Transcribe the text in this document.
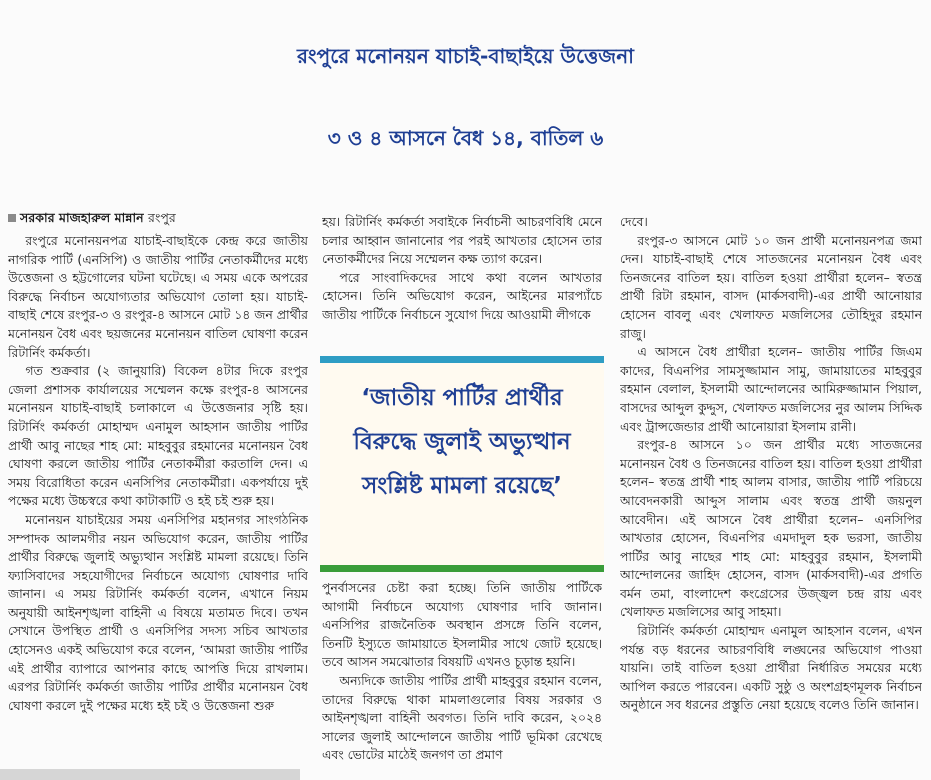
রংপুরে মনোনয়ন যাচাই-বাছাইয়ে উত্তেজনা
৩ ও ৪ আসনে বৈধ ১৪, বাতিল ৬
সরকার মাজহারুল মান্নান রংপুর

রংপুরে মনোনয়নপত্র যাচাই-বাছাইকে কেন্দ্র করে জাতীয় নাগরিক পার্টি (এনসিপি) ও জাতীয় পার্টির নেতাকর্মীদের মধ্যে উত্তেজনা ও হট্টগোলের ঘটনা ঘটেছে। এ সময় একে অপরের বিরুদ্ধে নির্বাচন অযোগ্যতার অভিযোগ তোলা হয়। যাচাই-বাছাই শেষে রংপুর-৩ ও রংপুর-৪ আসনে মোট ১৪ জন প্রার্থীর মনোনয়ন বৈধ এবং ছয়জনের মনোনয়ন বাতিল ঘোষণা করেন রিটার্নিং কর্মকর্তা।

গত শুক্রবার (২ জানুয়ারি) বিকেল ৪টার দিকে রংপুর জেলা প্রশাসক কার্যালয়ের সম্মেলন কক্ষে রংপুর-৪ আসনের মনোনয়ন যাচাই-বাছাই চলাকালে এ উত্তেজনার সৃষ্টি হয়। রিটার্নিং কর্মকর্তা মোহাম্মদ এনামুল আহসান জাতীয় পার্টির প্রার্থী আবু নাছের শাহ মো: মাহবুবুর রহমানের মনোনয়ন বৈধ ঘোষণা করলে জাতীয় পার্টির নেতাকর্মীরা করতালি দেন। এ সময় বিরোধিতা করেন এনসিপির নেতাকর্মীরা। একপর্যায়ে দুই পক্ষের মধ্যে উচ্চস্বরে কথা কাটাকাটি ও হই চই শুরু হয়।

মনোনয়ন যাচাইয়ের সময় এনসিপির মহানগর সাংগঠনিক সম্পাদক আলমগীর নয়ন অভিযোগ করেন, জাতীয় পার্টির প্রার্থীর বিরুদ্ধে জুলাই অভ্যুত্থান সংশ্লিষ্ট মামলা রয়েছে। তিনি ফ্যাসিবাদের সহযোগীদের নির্বাচনে অযোগ্য ঘোষণার দাবি জানান। এ সময় রিটার্নিং কর্মকর্তা বলেন, এখানে নিয়ম অনুযায়ী আইনশৃঙ্খলা বাহিনী এ বিষয়ে মতামত দিবে। তখন সেখানে উপস্থিত প্রার্থী ও এনসিপির সদস্য সচিব আখতার হোসেনও একই অভিযোগ করে বলেন, ‘আমরা জাতীয় পার্টির এই প্রার্থীর ব্যাপারে আপনার কাছে আপত্তি দিয়ে রাখলাম। এরপর রিটার্নিং কর্মকর্তা জাতীয় পার্টির প্রার্থীর মনোনয়ন বৈধ ঘোষণা করলে দুই পক্ষের মধ্যে হই চই ও উত্তেজনা শুরু

হয়। রিটার্নিং কর্মকর্তা সবাইকে নির্বাচনী আচরণবিধি মেনে চলার আহ্বান জানানোর পর পরই আখতার হোসেন তার নেতাকর্মীদের নিয়ে সম্মেলন কক্ষ ত্যাগ করেন।

পরে সাংবাদিকদের সাথে কথা বলেন আখতার হোসেন। তিনি অভিযোগ করেন, আইনের মারপ্যাঁচে জাতীয় পার্টিকে নির্বাচনে সুযোগ দিয়ে আওয়ামী লীগকে

‘জাতীয় পার্টির প্রার্থীর বিরুদ্ধে জুলাই অভ্যুত্থান সংশ্লিষ্ট মামলা রয়েছে’

পুনর্বাসনের চেষ্টা করা হচ্ছে। তিনি জাতীয় পার্টিকে আগামী নির্বাচনে অযোগ্য ঘোষণার দাবি জানান। এনসিপির রাজনৈতিক অবস্থান প্রসঙ্গে তিনি বলেন, তিনটি ইস্যুতে জামায়াতে ইসলামীর সাথে জোট হয়েছে। তবে আসন সমঝোতার বিষয়টি এখনও চূড়ান্ত হয়নি।

অন্যদিকে জাতীয় পার্টির প্রার্থী মাহবুবুর রহমান বলেন, তাদের বিরুদ্ধে থাকা মামলাগুলোর বিষয় সরকার ও আইনশৃঙ্খলা বাহিনী অবগত। তিনি দাবি করেন, ২০২৪ সালের জুলাই আন্দোলনে জাতীয় পার্টি ভূমিকা রেখেছে এবং ভোটের মাঠেই জনগণ তা প্রমাণ

দেবে।

রংপুর-৩ আসনে মোট ১০ জন প্রার্থী মনোনয়নপত্র জমা দেন। যাচাই-বাছাই শেষে সাতজনের মনোনয়ন বৈধ এবং তিনজনের বাতিল হয়। বাতিল হওয়া প্রার্থীরা হলেন– স্বতন্ত্র প্রার্থী রিটা রহমান, বাসদ (মার্কসবাদী)-এর প্রার্থী আনোয়ার হোসেন বাবলু এবং খেলাফত মজলিসের তৌহিদুর রহমান রাজু।

এ আসনে বৈধ প্রার্থীরা হলেন– জাতীয় পার্টির জিএম কাদের, বিএনপির সামসুজ্জামান সামু, জামায়াতের মাহবুবুর রহমান বেলাল, ইসলামী আন্দোলনের আমিরুজ্জামান পিয়াল, বাসদের আব্দুল কুদ্দুস, খেলাফত মজলিসের নুর আলম সিদ্দিক এবং ট্রান্সজেন্ডার প্রার্থী আনোয়ারা ইসলাম রানী।

রংপুর-৪ আসনে ১০ জন প্রার্থীর মধ্যে সাতজনের মনোনয়ন বৈধ ও তিনজনের বাতিল হয়। বাতিল হওয়া প্রার্থীরা হলেন– স্বতন্ত্র প্রার্থী শাহ আলম বাসার, জাতীয় পার্টি পরিচয়ে আবেদনকারী আব্দুস সালাম এবং স্বতন্ত্র প্রার্থী জয়নুল আবেদীন। এই আসনে বৈধ প্রার্থীরা হলেন– এনসিপির আখতার হোসেন, বিএনপির এমদাদুল হক ভরসা, জাতীয় পার্টির আবু নাছের শাহ মো: মাহবুবুর রহমান, ইসলামী আন্দোলনের জাহিদ হোসেন, বাসদ (মার্কসবাদী)-এর প্রগতি বর্মন তমা, বাংলাদেশ কংগ্রেসের উজ্জ্বল চন্দ্র রায় এবং খেলাফত মজলিসের আবু সাহমা।

রিটার্নিং কর্মকর্তা মোহাম্মদ এনামুল আহসান বলেন, এখন পর্যন্ত বড় ধরনের আচরণবিধি লঙ্ঘনের অভিযোগ পাওয়া যায়নি। তাই বাতিল হওয়া প্রার্থীরা নির্ধারিত সময়ের মধ্যে আপিল করতে পারবেন। একটি সুষ্ঠু ও অংশগ্রহণমূলক নির্বাচন অনুষ্ঠানে সব ধরনের প্রস্তুতি নেয়া হয়েছে বলেও তিনি জানান।
